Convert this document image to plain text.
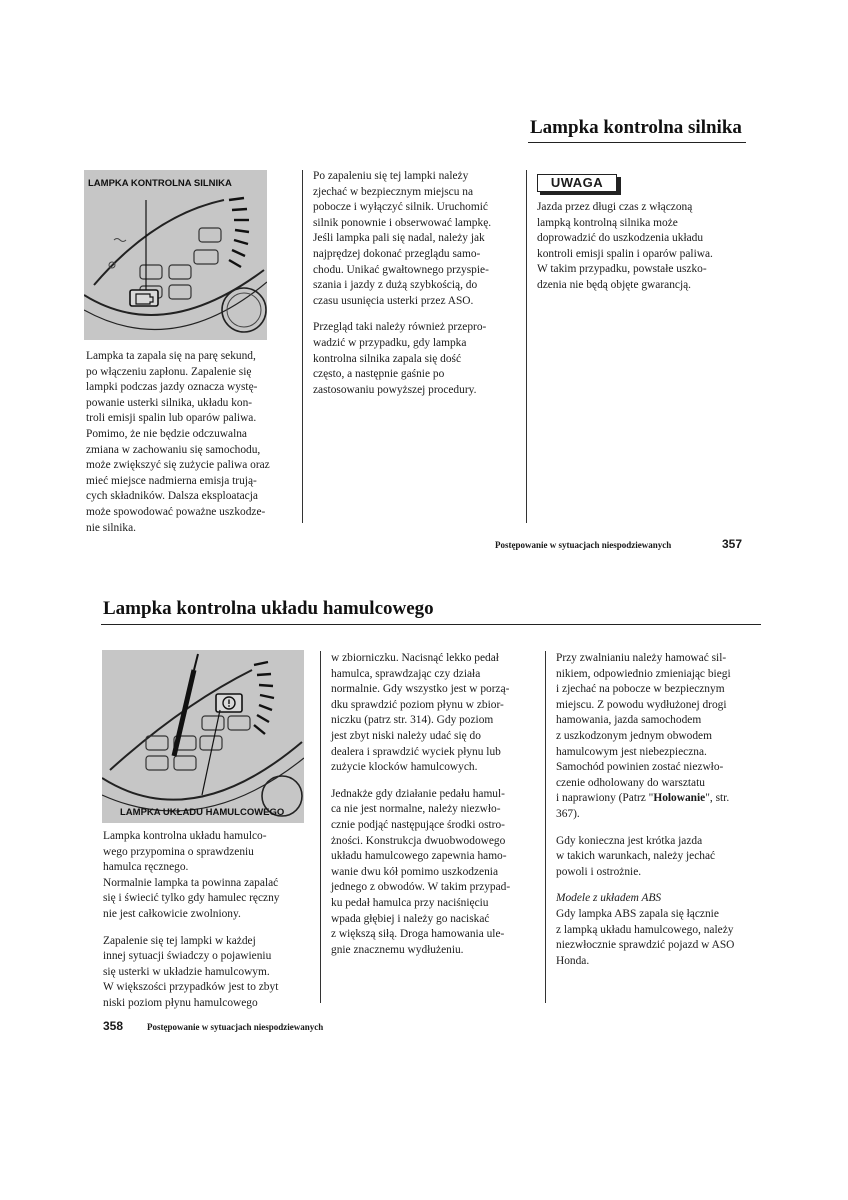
Lampka kontrolna silnika
LAMPKA KONTROLNA SILNIKA

Lampka ta zapala się na parę sekund,
po włączeniu zapłonu. Zapalenie się
lampki podczas jazdy oznacza wystę-
powanie usterki silnika, układu kon-
troli emisji spalin lub oparów paliwa.
Pomimo, że nie będzie odczuwalna
zmiana w zachowaniu się samochodu,
może zwiększyć się zużycie paliwa oraz
mieć miejsce nadmierna emisja trują-
cych składników. Dalsza eksploatacja
może spowodować poważne uszkodze-
nie silnika.

Po zapaleniu się tej lampki należy
zjechać w bezpiecznym miejscu na
pobocze i wyłączyć silnik. Uruchomić
silnik ponownie i obserwować lampkę.
Jeśli lampka pali się nadal, należy jak
najprędzej dokonać przeglądu samo-
chodu. Unikać gwałtownego przyspie-
szania i jazdy z dużą szybkością, do
czasu usunięcia usterki przez ASO.

Przegląd taki należy również przepro-
wadzić w przypadku, gdy lampka
kontrolna silnika zapala się dość
często, a następnie gaśnie po
zastosowaniu powyższej procedury.

UWAGA

Jazda przez długi czas z włączoną
lampką kontrolną silnika może
doprowadzić do uszkodzenia układu
kontroli emisji spalin i oparów paliwa.
W takim przypadku, powstałe uszko-
dzenia nie będą objęte gwarancją.

Postępowanie w sytuacjach niespodziewanych	357
Lampka kontrolna układu hamulcowego
LAMPKA UKŁADU HAMULCOWEGO

Lampka kontrolna układu hamulco-
wego przypomina o sprawdzeniu
hamulca ręcznego.
Normalnie lampka ta powinna zapalać
się i świecić tylko gdy hamulec ręczny
nie jest całkowicie zwolniony.

Zapalenie się tej lampki w każdej
innej sytuacji świadczy o pojawieniu
się usterki w układzie hamulcowym.
W większości przypadków jest to zbyt
niski poziom płynu hamulcowego

w zbiorniczku. Nacisnąć lekko pedał
hamulca, sprawdzając czy działa
normalnie. Gdy wszystko jest w porzą-
dku sprawdzić poziom płynu w zbior-
niczku (patrz str. 314). Gdy poziom
jest zbyt niski należy udać się do
dealera i sprawdzić wyciek płynu lub
zużycie klocków hamulcowych.

Jednakże gdy działanie pedału hamul-
ca nie jest normalne, należy niezwło-
cznie podjąć następujące środki ostro-
żności. Konstrukcja dwuobwodowego
układu hamulcowego zapewnia hamo-
wanie dwu kół pomimo uszkodzenia
jednego z obwodów. W takim przypad-
ku pedał hamulca przy naciśnięciu
wpada głębiej i należy go naciskać
z większą siłą. Droga hamowania ule-
gnie znacznemu wydłużeniu.

Przy zwalnianiu należy hamować sil-
nikiem, odpowiednio zmieniając biegi
i zjechać na pobocze w bezpiecznym
miejscu. Z powodu wydłużonej drogi
hamowania, jazda samochodem
z uszkodzonym jednym obwodem
hamulcowym jest niebezpieczna.
Samochód powinien zostać niezwło-
czenie odholowany do warsztatu
i naprawiony (Patrz "Holowanie", str.
367).

Gdy konieczna jest krótka jazda
w takich warunkach, należy jechać
powoli i ostrożnie.

Modele z układem ABS

Gdy lampka ABS zapala się łącznie
z lampką układu hamulcowego, należy
niezwłocznie sprawdzić pojazd w ASO
Honda.

358	Postępowanie w sytuacjach niespodziewanych
